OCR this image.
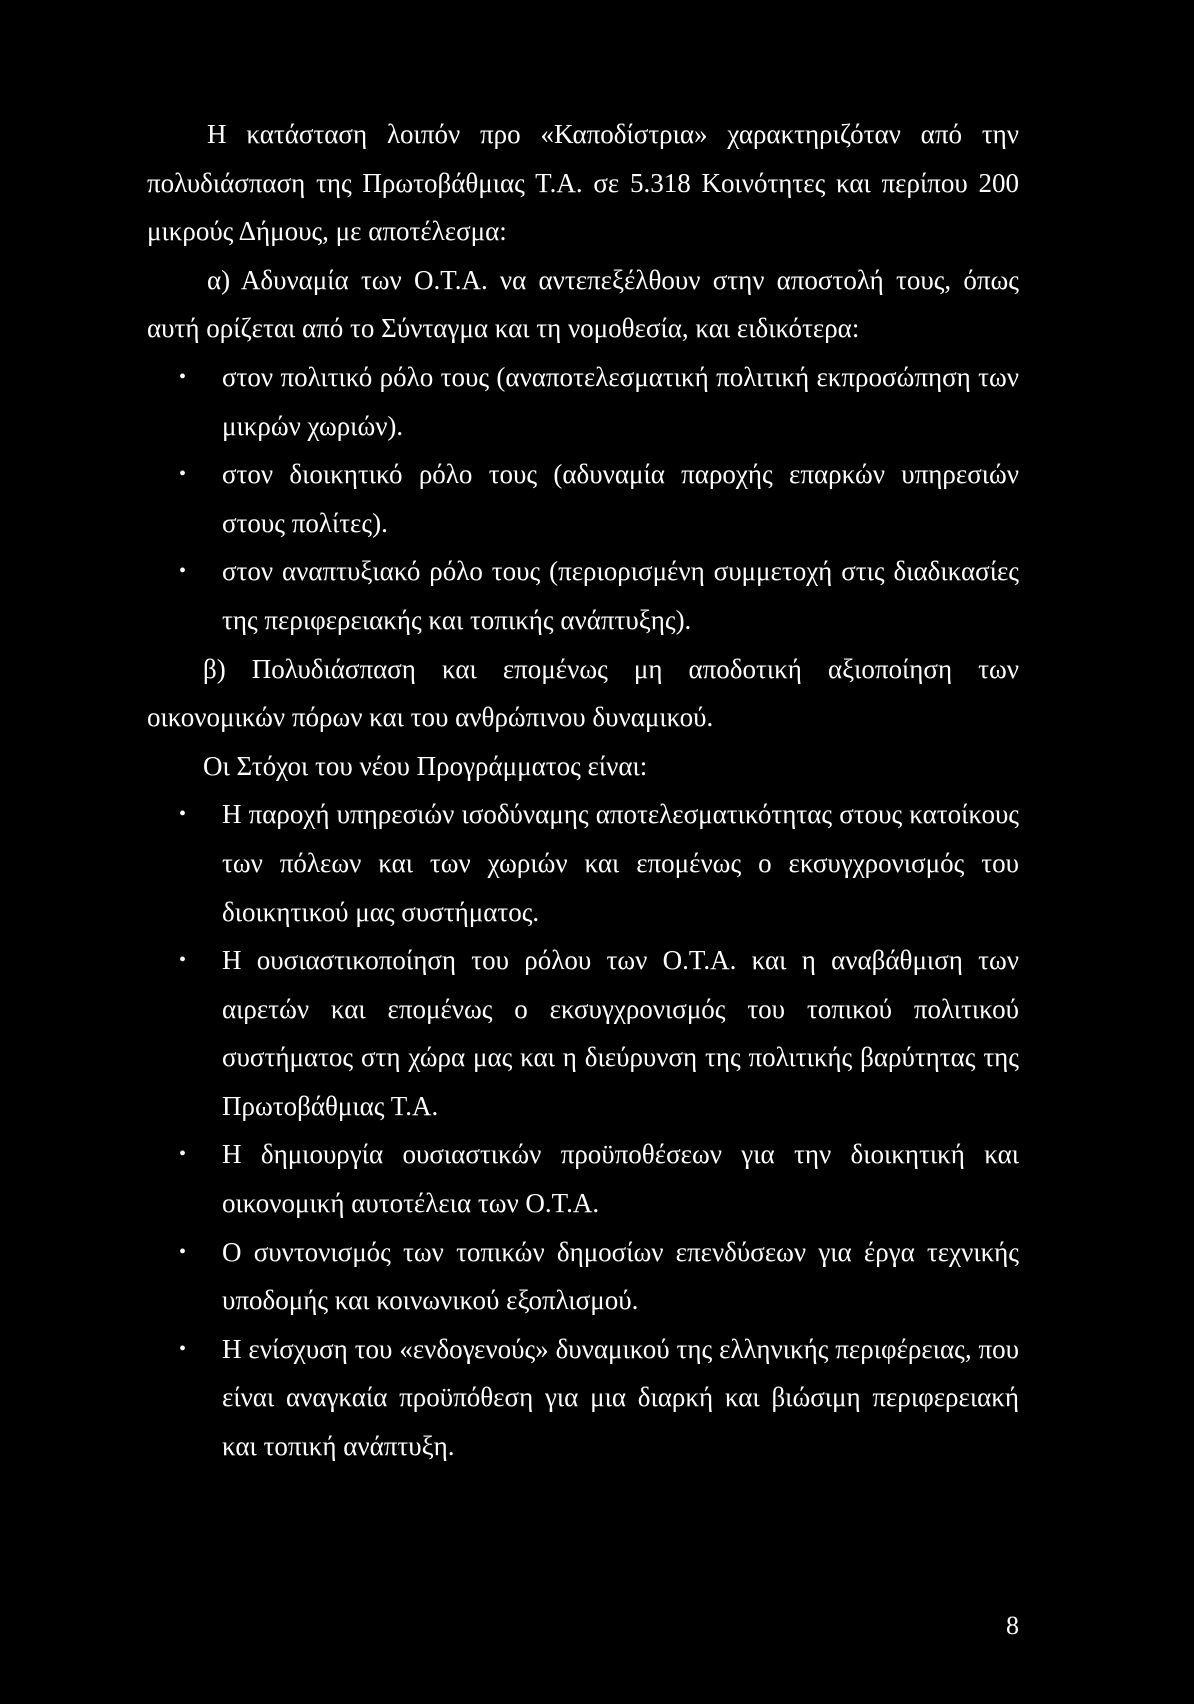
Η κατάσταση λοιπόν προ «Καποδίστρια» χαρακτηριζόταν από την πολυδιάσπαση της Πρωτοβάθμιας Τ.Α. σε 5.318 Κοινότητες και περίπου 200 μικρούς Δήμους, με αποτέλεσμα:

α) Αδυναμία των Ο.Τ.Α. να αντεπεξέλθουν στην αποστολή τους, όπως αυτή ορίζεται από το Σύνταγμα και τη νομοθεσία, και ειδικότερα:

• στον πολιτικό ρόλο τους (αναποτελεσματική πολιτική εκπροσώπηση των μικρών χωριών).
• στον διοικητικό ρόλο τους (αδυναμία παροχής επαρκών υπηρεσιών στους πολίτες).
• στον αναπτυξιακό ρόλο τους (περιορισμένη συμμετοχή στις διαδικασίες της περιφερειακής και τοπικής ανάπτυξης).

β) Πολυδιάσπαση και επομένως μη αποδοτική αξιοποίηση των οικονομικών πόρων και του ανθρώπινου δυναμικού.

Οι Στόχοι του νέου Προγράμματος είναι:

• Η παροχή υπηρεσιών ισοδύναμης αποτελεσματικότητας στους κατοίκους των πόλεων και των χωριών και επομένως ο εκσυγχρονισμός του διοικητικού μας συστήματος.
• Η ουσιαστικοποίηση του ρόλου των Ο.Τ.Α. και η αναβάθμιση των αιρετών και επομένως ο εκσυγχρονισμός του τοπικού πολιτικού συστήματος στη χώρα μας και η διεύρυνση της πολιτικής βαρύτητας της Πρωτοβάθμιας Τ.Α.
• Η δημιουργία ουσιαστικών προϋποθέσεων για την διοικητική και οικονομική αυτοτέλεια των Ο.Τ.Α.
• Ο συντονισμός των τοπικών δημοσίων επενδύσεων για έργα τεχνικής υποδομής και κοινωνικού εξοπλισμού.
• Η ενίσχυση του «ενδογενούς» δυναμικού της ελληνικής περιφέρειας, που είναι αναγκαία προϋπόθεση για μια διαρκή και βιώσιμη περιφερειακή και τοπική ανάπτυξη.
8
